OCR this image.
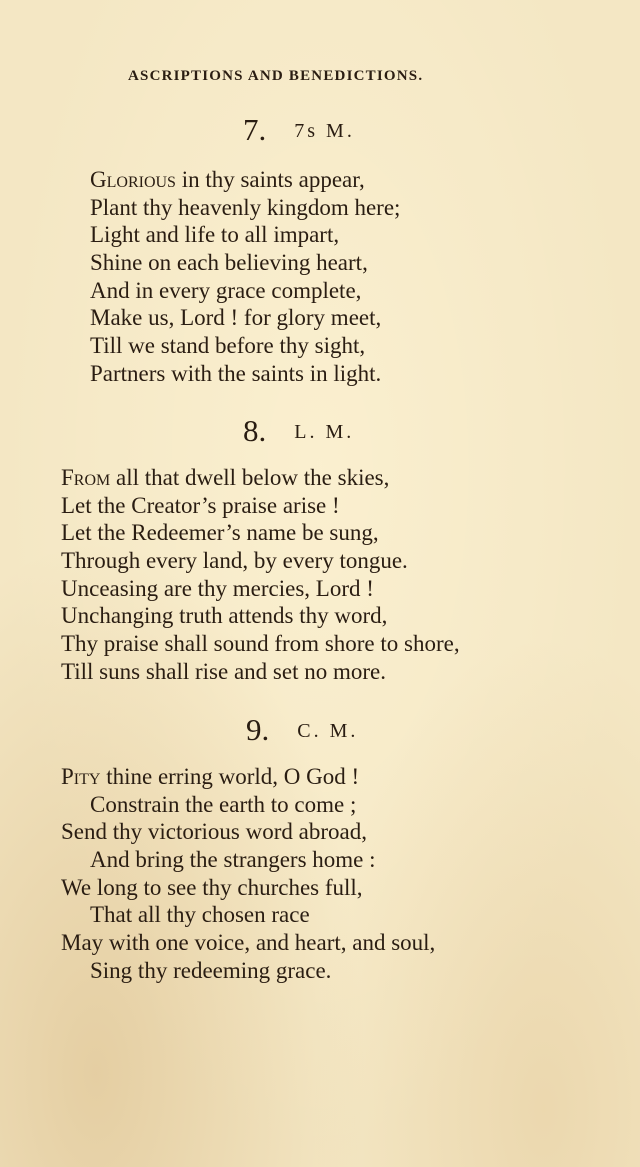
ASCRIPTIONS AND BENEDICTIONS.
7. 7s M.
Glorious in thy saints appear,
Plant thy heavenly kingdom here;
Light and life to all impart,
Shine on each believing heart,
And in every grace complete,
Make us, Lord ! for glory meet,
Till we stand before thy sight,
Partners with the saints in light.
8. L. M.
From all that dwell below the skies,
Let the Creator’s praise arise !
Let the Redeemer’s name be sung,
Through every land, by every tongue.
Unceasing are thy mercies, Lord !
Unchanging truth attends thy word,
Thy praise shall sound from shore to shore,
Till suns shall rise and set no more.
9. C. M.
Pity thine erring world, O God !
Constrain the earth to come ;
Send thy victorious word abroad,
And bring the strangers home :
We long to see thy churches full,
That all thy chosen race
May with one voice, and heart, and soul,
Sing thy redeeming grace.
